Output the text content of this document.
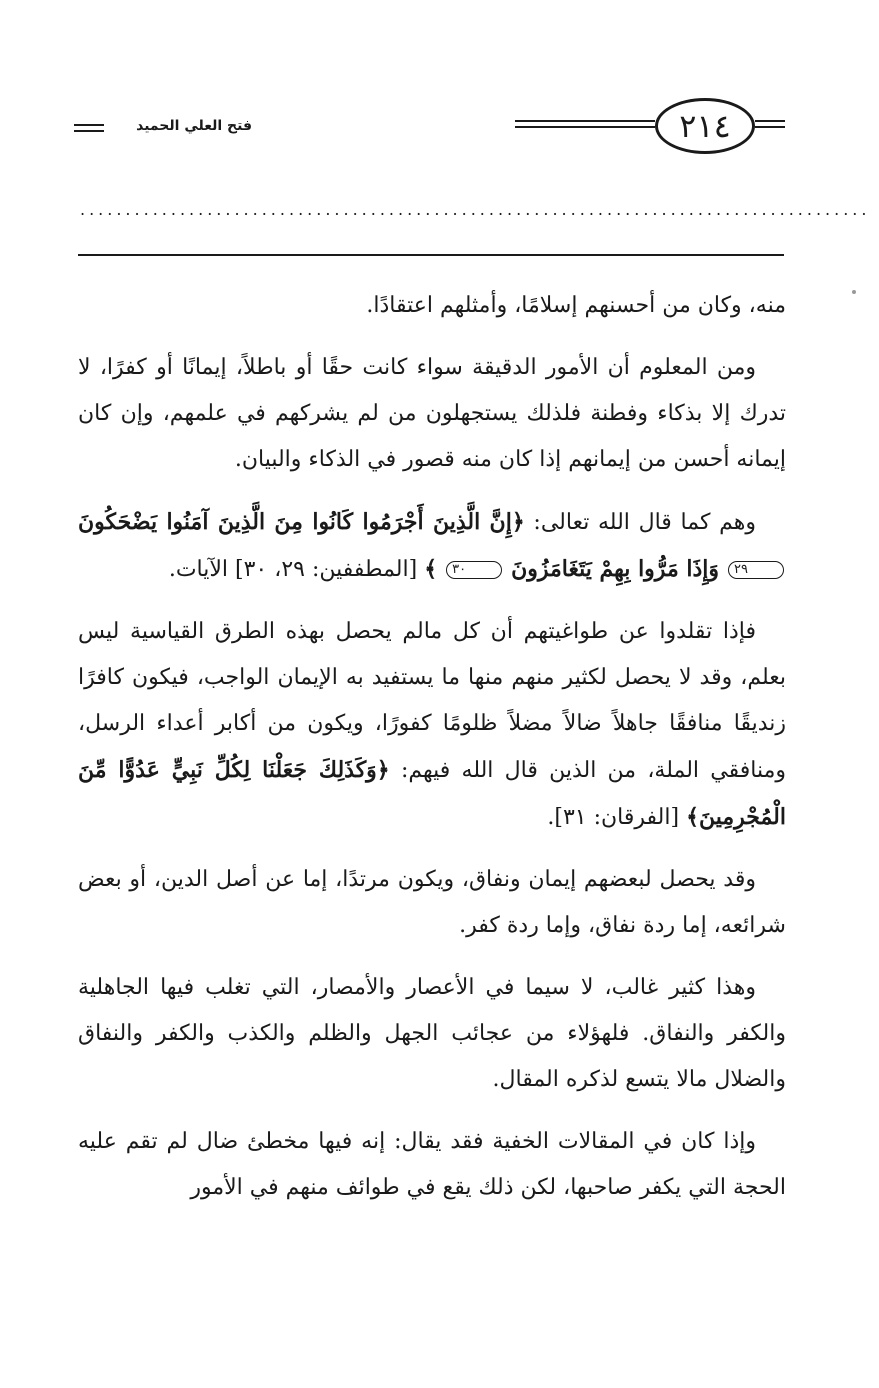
٢١٤
فتح العلي الحميد
.......................................................................................

منه، وكان من أحسنهم إسلامًا، وأمثلهم اعتقادًا.

ومن المعلوم أن الأمور الدقيقة سواء كانت حقًا أو باطلاً، إيمانًا أو كفرًا، لا تدرك إلا بذكاء وفطنة فلذلك يستجهلون من لم يشركهم في علمهم، وإن كان إيمانه أحسن من إيمانهم إذا كان منه قصور في الذكاء والبيان.

وهم كما قال الله تعالى: ﴿إِنَّ الَّذِينَ أَجْرَمُوا كَانُوا مِنَ الَّذِينَ آمَنُوا يَضْحَكُونَ ٢٩ وَإِذَا مَرُّوا بِهِمْ يَتَغَامَزُونَ ٣٠ ﴾ [المطففين: ٢٩، ٣٠] الآيات.

فإذا تقلدوا عن طواغيتهم أن كل مالم يحصل بهذه الطرق القياسية ليس بعلم، وقد لا يحصل لكثير منهم منها ما يستفيد به الإيمان الواجب، فيكون كافرًا زنديقًا منافقًا جاهلاً ضالاً مضلاً ظلومًا كفورًا، ويكون من أكابر أعداء الرسل، ومنافقي الملة، من الذين قال الله فيهم: ﴿وَكَذَلِكَ جَعَلْنَا لِكُلِّ نَبِيٍّ عَدُوًّا مِّنَ الْمُجْرِمِينَ﴾ [الفرقان: ٣١].

وقد يحصل لبعضهم إيمان ونفاق، ويكون مرتدًا، إما عن أصل الدين، أو بعض شرائعه، إما ردة نفاق، وإما ردة كفر.

وهذا كثير غالب، لا سيما في الأعصار والأمصار، التي تغلب فيها الجاهلية والكفر والنفاق. فلهؤلاء من عجائب الجهل والظلم والكذب والكفر والنفاق والضلال مالا يتسع لذكره المقال.

وإذا كان في المقالات الخفية فقد يقال: إنه فيها مخطئ ضال لم تقم عليه الحجة التي يكفر صاحبها، لكن ذلك يقع في طوائف منهم في الأمور
